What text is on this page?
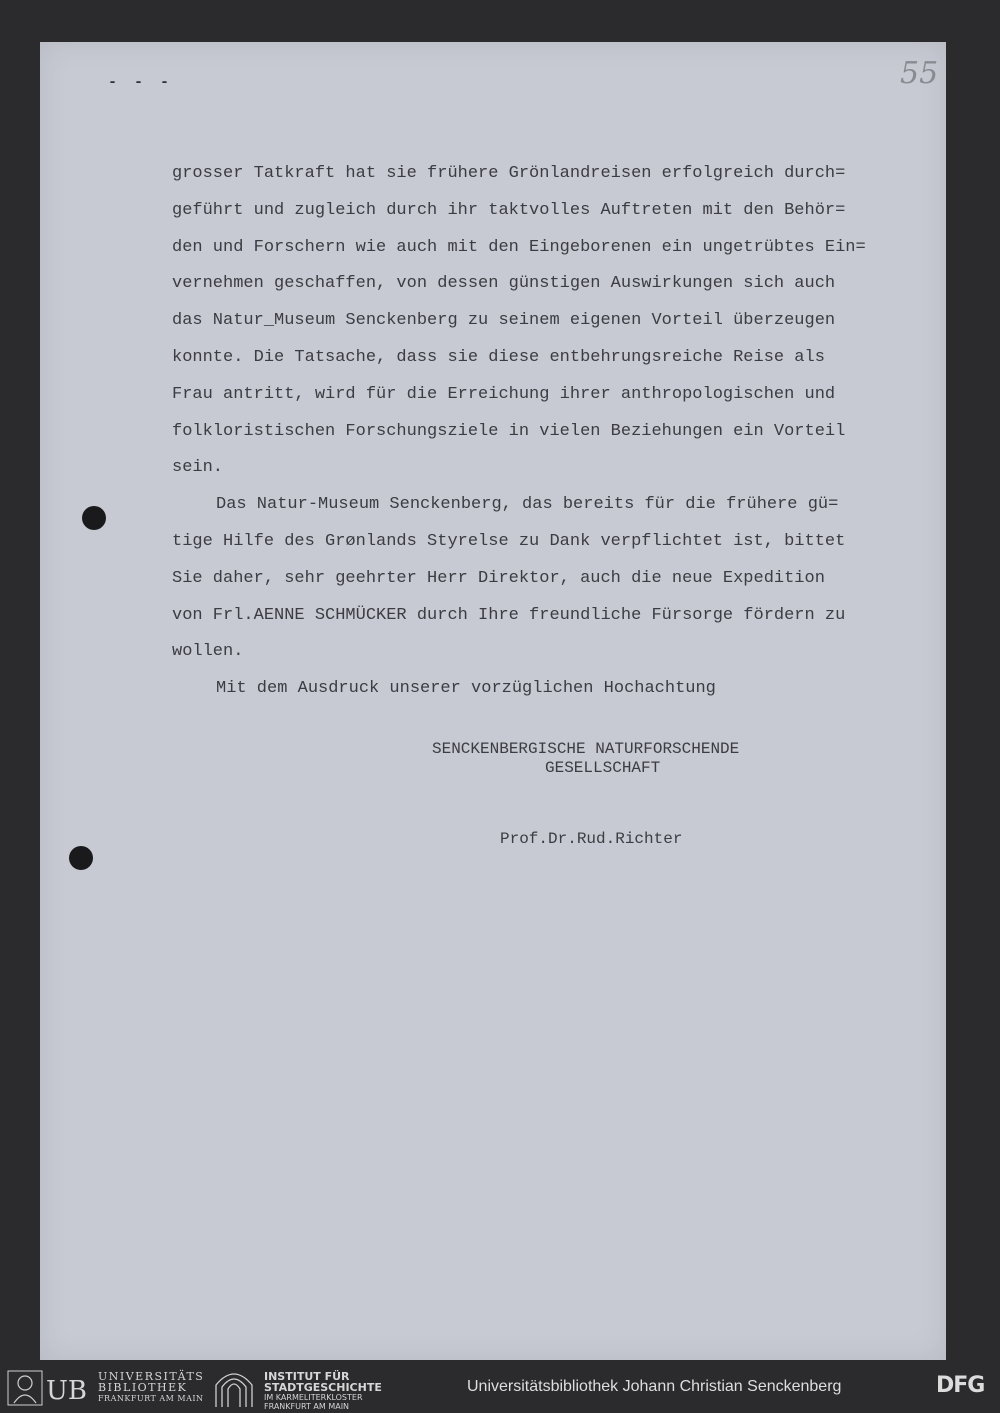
55
- - -
grosser Tatkraft hat sie frühere Grönlandreisen erfolgreich durch=
geführt und zugleich durch ihr taktvolles Auftreten mit den Behör=
den und Forschern wie auch mit den Eingeborenen ein ungetrübtes Ein=
vernehmen geschaffen, von dessen günstigen Auswirkungen sich auch
das Natur_Museum Senckenberg zu seinem eigenen Vorteil überzeugen
konnte. Die Tatsache, dass sie diese entbehrungsreiche Reise als
Frau antritt, wird für die Erreichung ihrer anthropologischen und
folkloristischen Forschungsziele in vielen Beziehungen ein Vorteil
sein.
Das Natur-Museum Senckenberg, das bereits für die frühere gü=
tige Hilfe des Grønlands Styrelse zu Dank verpflichtet ist, bittet
Sie daher, sehr geehrter Herr Direktor, auch die neue Expedition
von Frl.AENNE SCHMÜCKER durch Ihre freundliche Fürsorge fördern zu
wollen.
Mit dem Ausdruck unserer vorzüglichen Hochachtung
SENCKENBERGISCHE NATURFORSCHENDE
GESELLSCHAFT
Prof.Dr.Rud.Richter
UB UNIVERSITÄTS
BIBLIOTHEK
FRANKFURT AM MAIN
INSTITUT FÜR
STADTGESCHICHTE
IM KARMELITERKLOSTER
FRANKFURT AM MAIN
Universitätsbibliothek Johann Christian Senckenberg	DFG
